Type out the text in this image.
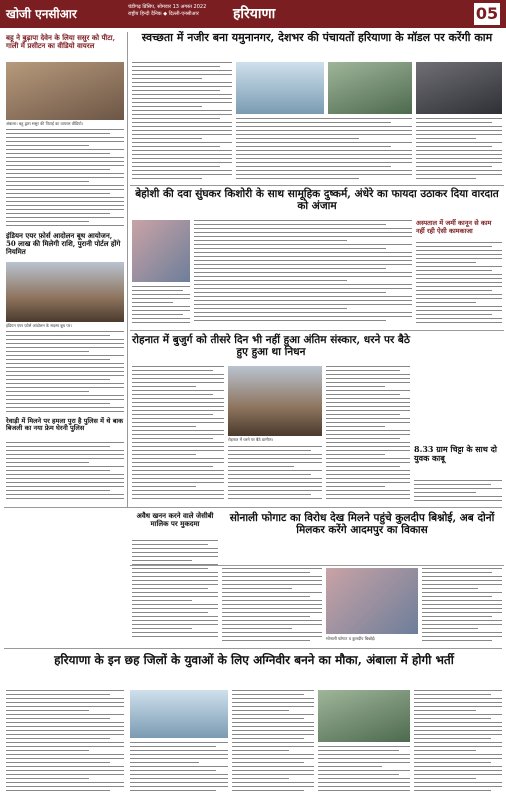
खोजी एनसीआर	चंडीगढ़ प्रिंसिप, सोमवार 13 अगस्त 2022
राष्ट्रीय हिन्दी दैनिक ◆ दिल्ली-एनसीआर	हरियाणा	05
बहू ने बुढ़ापा देवेन के लिया ससुर को पीटा, गाली में प्रसीटन का वीडियो वायरल
अंबाला। बहू द्वारा ससुर की पिटाई का वायरल वीडियो।
इंडियन एयर फ़ोर्स आदोलन बूथ आयोजन, 50 लाख की मिलेगी राशि, पुरानी पोर्टल होंगे नियमित
इंडियन एयर फ़ोर्स आंदोलन के सदस्य बूथ पर।
रेवाड़ी में मिलने पर हमला पुरा है पुलिस में थे बाक बिजली का नया फ्रेम घेरनी पुलिस
स्वच्छता में नजीर बना यमुनानगर, देशभर की पंचायतों हरियाणा के मॉडल पर करेंगी काम
बेहोशी की दवा सुंघकर किशोरी के साथ सामूहिक दुष्कर्म, अंधेरे का फायदा उठाकर दिया वारदात को अंजाम
अस्पताल में जमीं कानून से काम नहीं रही ऐसी कामकाजा
रोहनात में बुजुर्ग को तीसरे दिन भी नहीं हुआ अंतिम संस्कार, धरने पर बैठे हुए हुआ था निधन
रोहनात में धरने पर बैठे ग्रामीण।
8.33 ग्राम चिट्टा के साथ दो युवक काबू
अवैध खनन करने वाले जेसीबी मालिक पर मुकदमा	सोनाली फोगाट का विरोध देख मिलने पहुंचे कुलदीप बिश्नोई, अब दोनों मिलकर करेंगे आदमपुर का विकास
सोनाली फोगाट व कुलदीप बिश्नोई।
हरियाणा के इन छह जिलों के युवाओं के लिए अग्निवीर बनने का मौका, अंबाला में होगी भर्ती
